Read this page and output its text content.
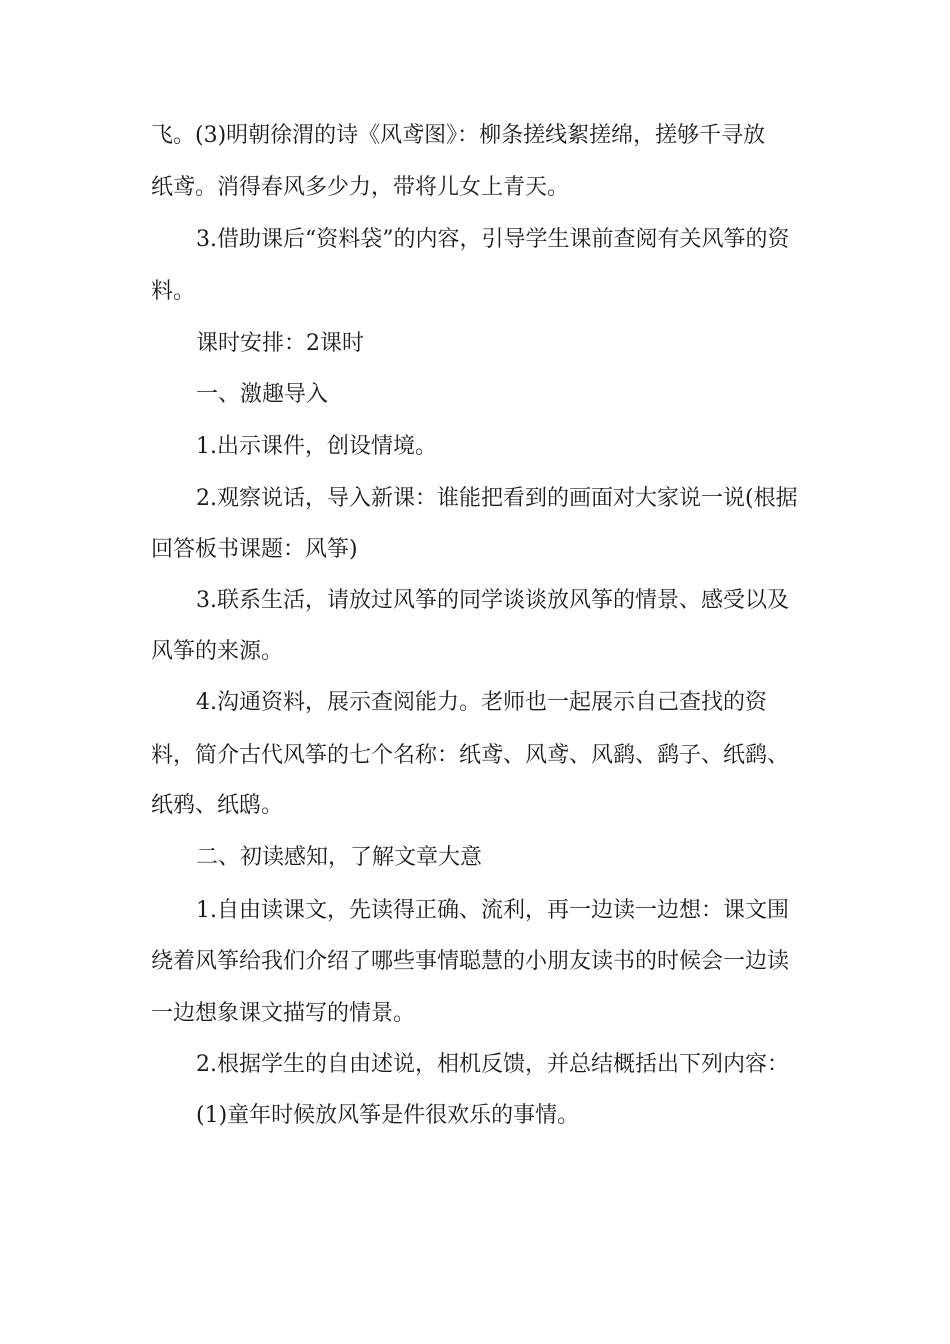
飞。(3)明朝徐渭的诗《风鸢图》：柳条搓线絮搓绵，搓够千寻放
纸鸢。消得春风多少力，带将儿女上青天。
3.借助课后“资料袋”的内容，引导学生课前查阅有关风筝的资
料。
课时安排：2课时
一、激趣导入
1.出示课件，创设情境。
2.观察说话，导入新课：谁能把看到的画面对大家说一说(根据
回答板书课题：风筝)
3.联系生活，请放过风筝的同学谈谈放风筝的情景、感受以及
风筝的来源。
4.沟通资料，展示查阅能力。老师也一起展示自己查找的资
料，简介古代风筝的七个名称：纸鸢、风鸢、风鹞、鹞子、纸鹞、
纸鸦、纸鸱。
二、初读感知，了解文章大意
1.自由读课文，先读得正确、流利，再一边读一边想：课文围
绕着风筝给我们介绍了哪些事情聪慧的小朋友读书的时候会一边读
一边想象课文描写的情景。
2.根据学生的自由述说，相机反馈，并总结概括出下列内容：
(1)童年时候放风筝是件很欢乐的事情。
